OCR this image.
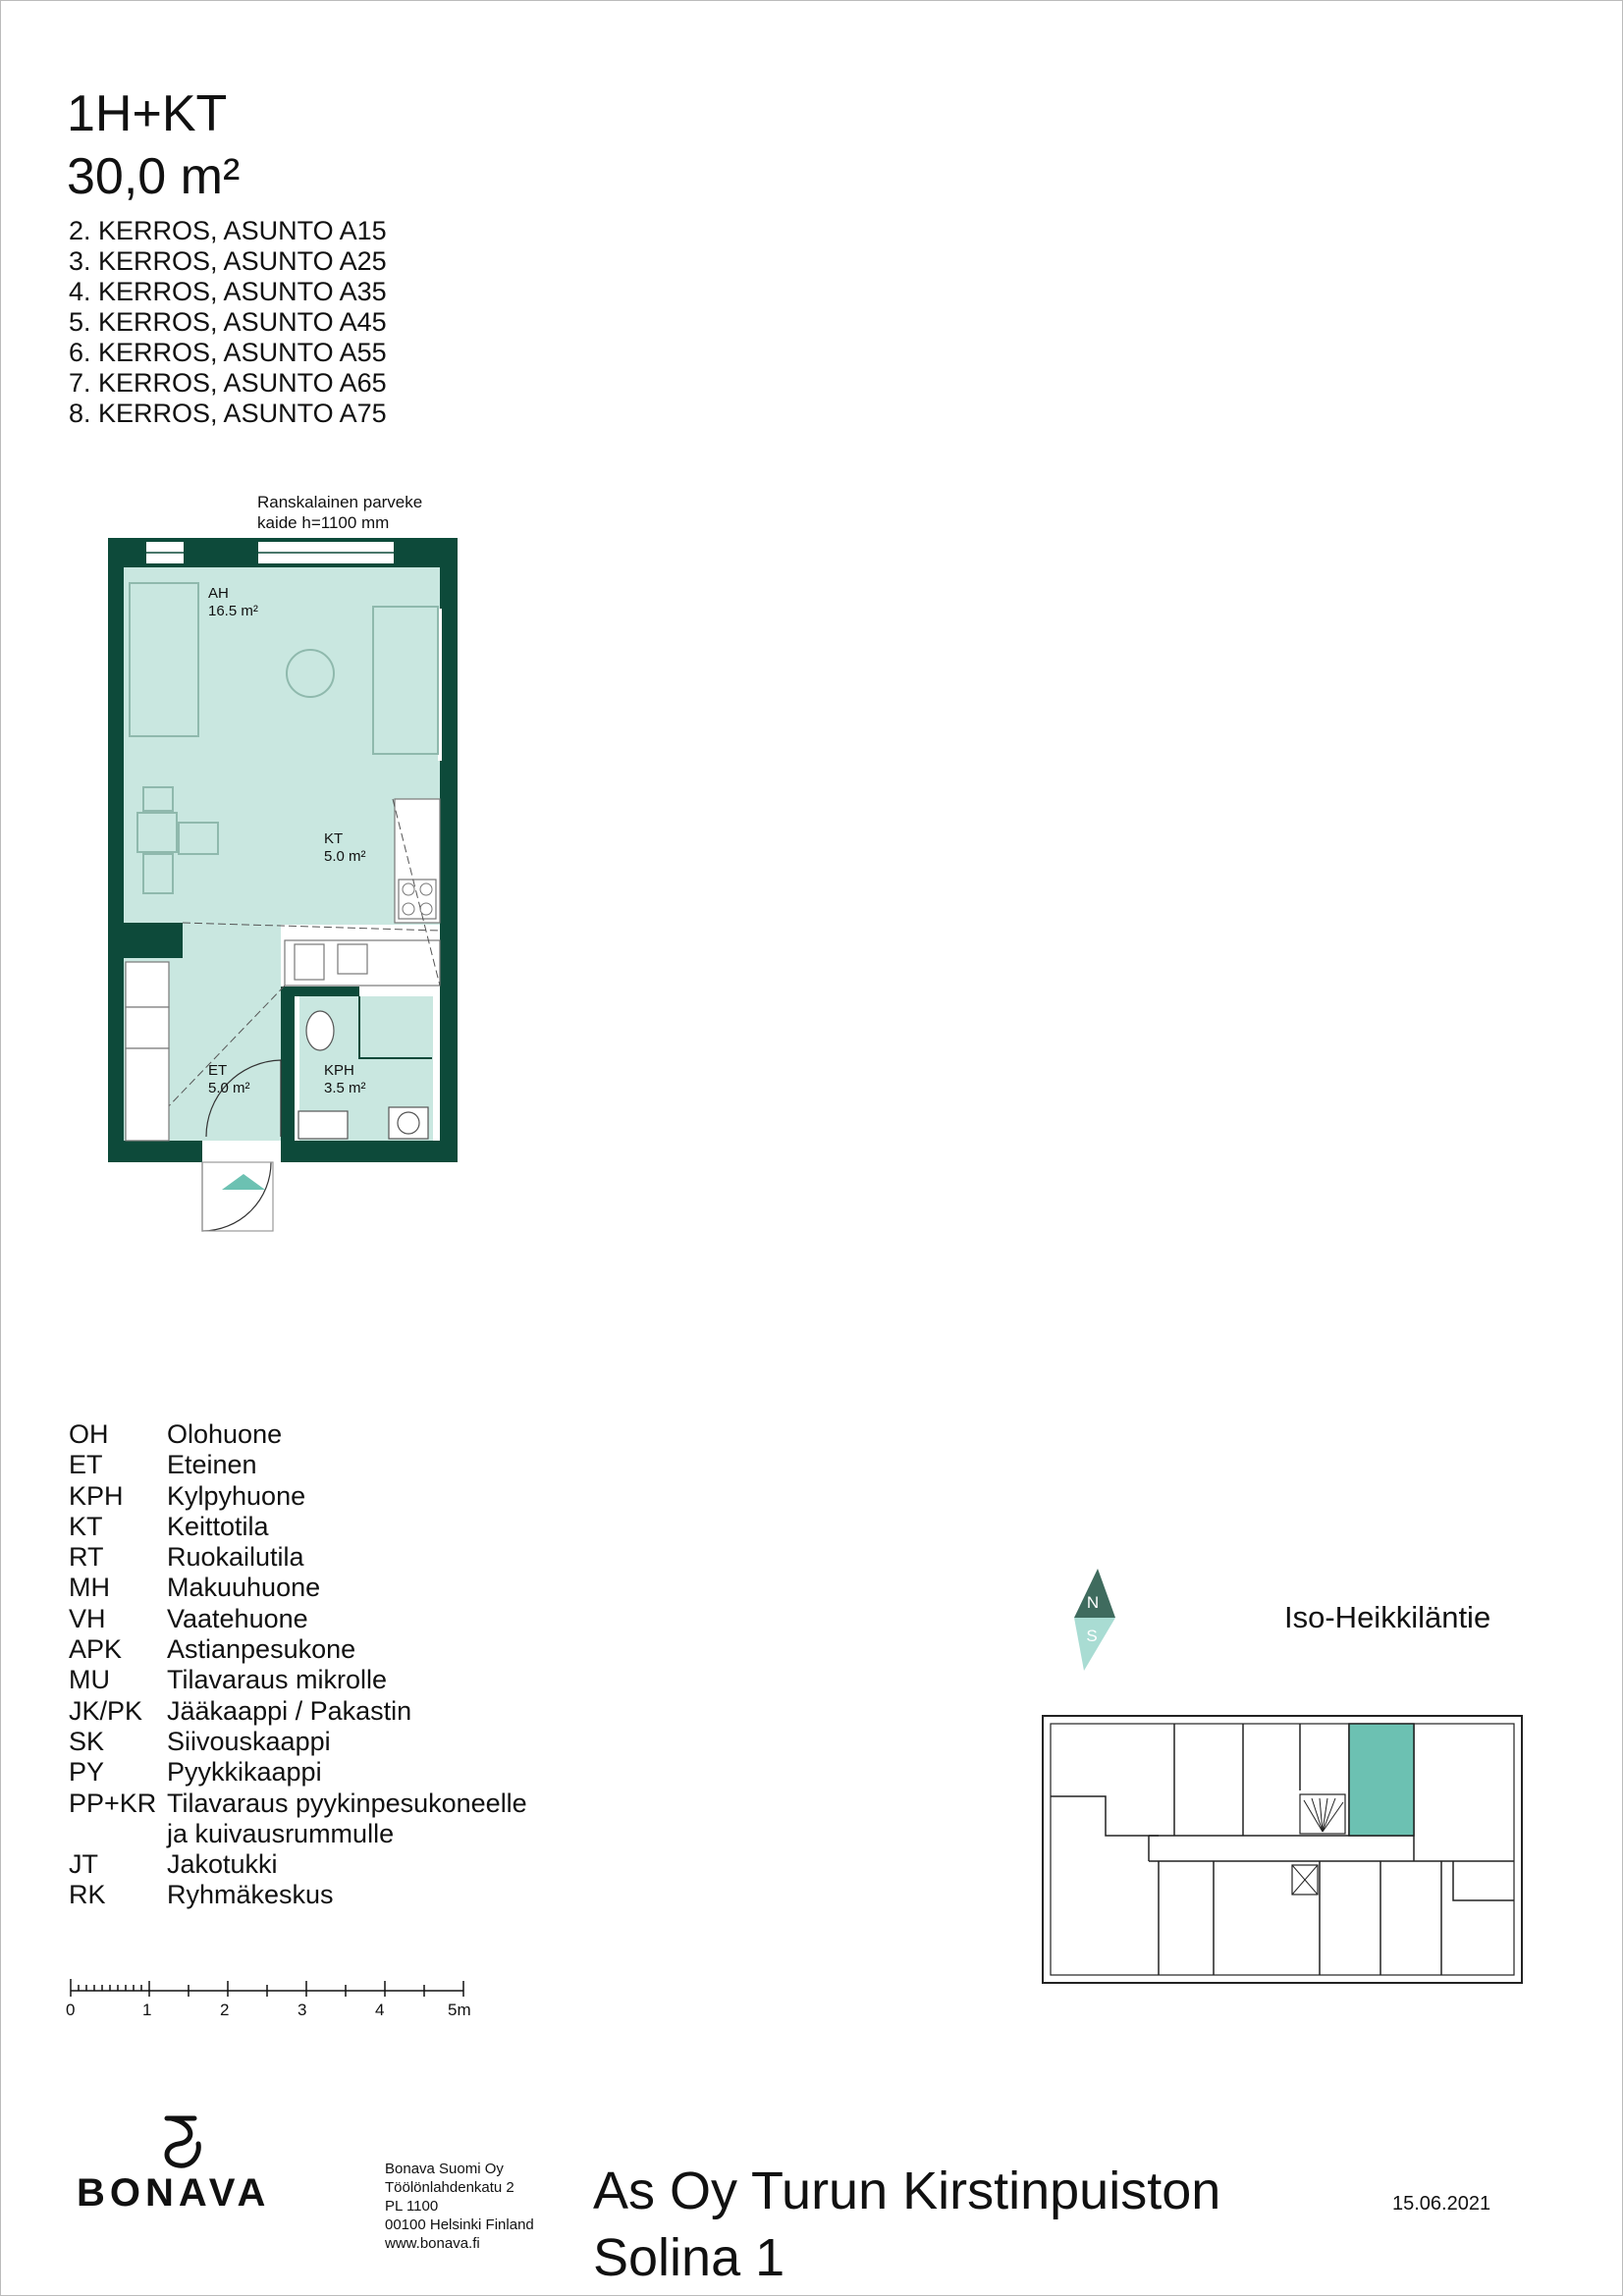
1H+KT
30,0 m²
2. KERROS, ASUNTO A15
3. KERROS, ASUNTO A25
4. KERROS, ASUNTO A35
5. KERROS, ASUNTO A45
6. KERROS, ASUNTO A55
7. KERROS, ASUNTO A65
8. KERROS, ASUNTO A75
Ranskalainen parveke
kaide h=1100 mm
AH
16.5 m²
KT
5.0 m²
ET
5.0 m²
KPH
3.5 m²
OH	Olohuone
ET	Eteinen
KPH	Kylpyhuone
KT	Keittotila
RT	Ruokailutila
MH	Makuuhuone
VH	Vaatehuone
APK	Astianpesukone
MU	Tilavaraus mikrolle
JK/PK Jääkaappi / Pakastin
SK	Siivouskaappi
PY	Pyykkikaappi
PP+KR Tilavaraus pyykinpesukoneelle
ja kuivausrummulle
JT	Jakotukki
RK	Ryhmäkeskus
0	1	2	3	4	5m
N
S
Iso-Heikkiläntie
BONAVA
Bonava Suomi Oy
Töölönlahdenkatu 2
PL 1100
00100 Helsinki Finland
www.bonava.fi
As Oy Turun Kirstinpuiston
Solina 1
15.06.2021
